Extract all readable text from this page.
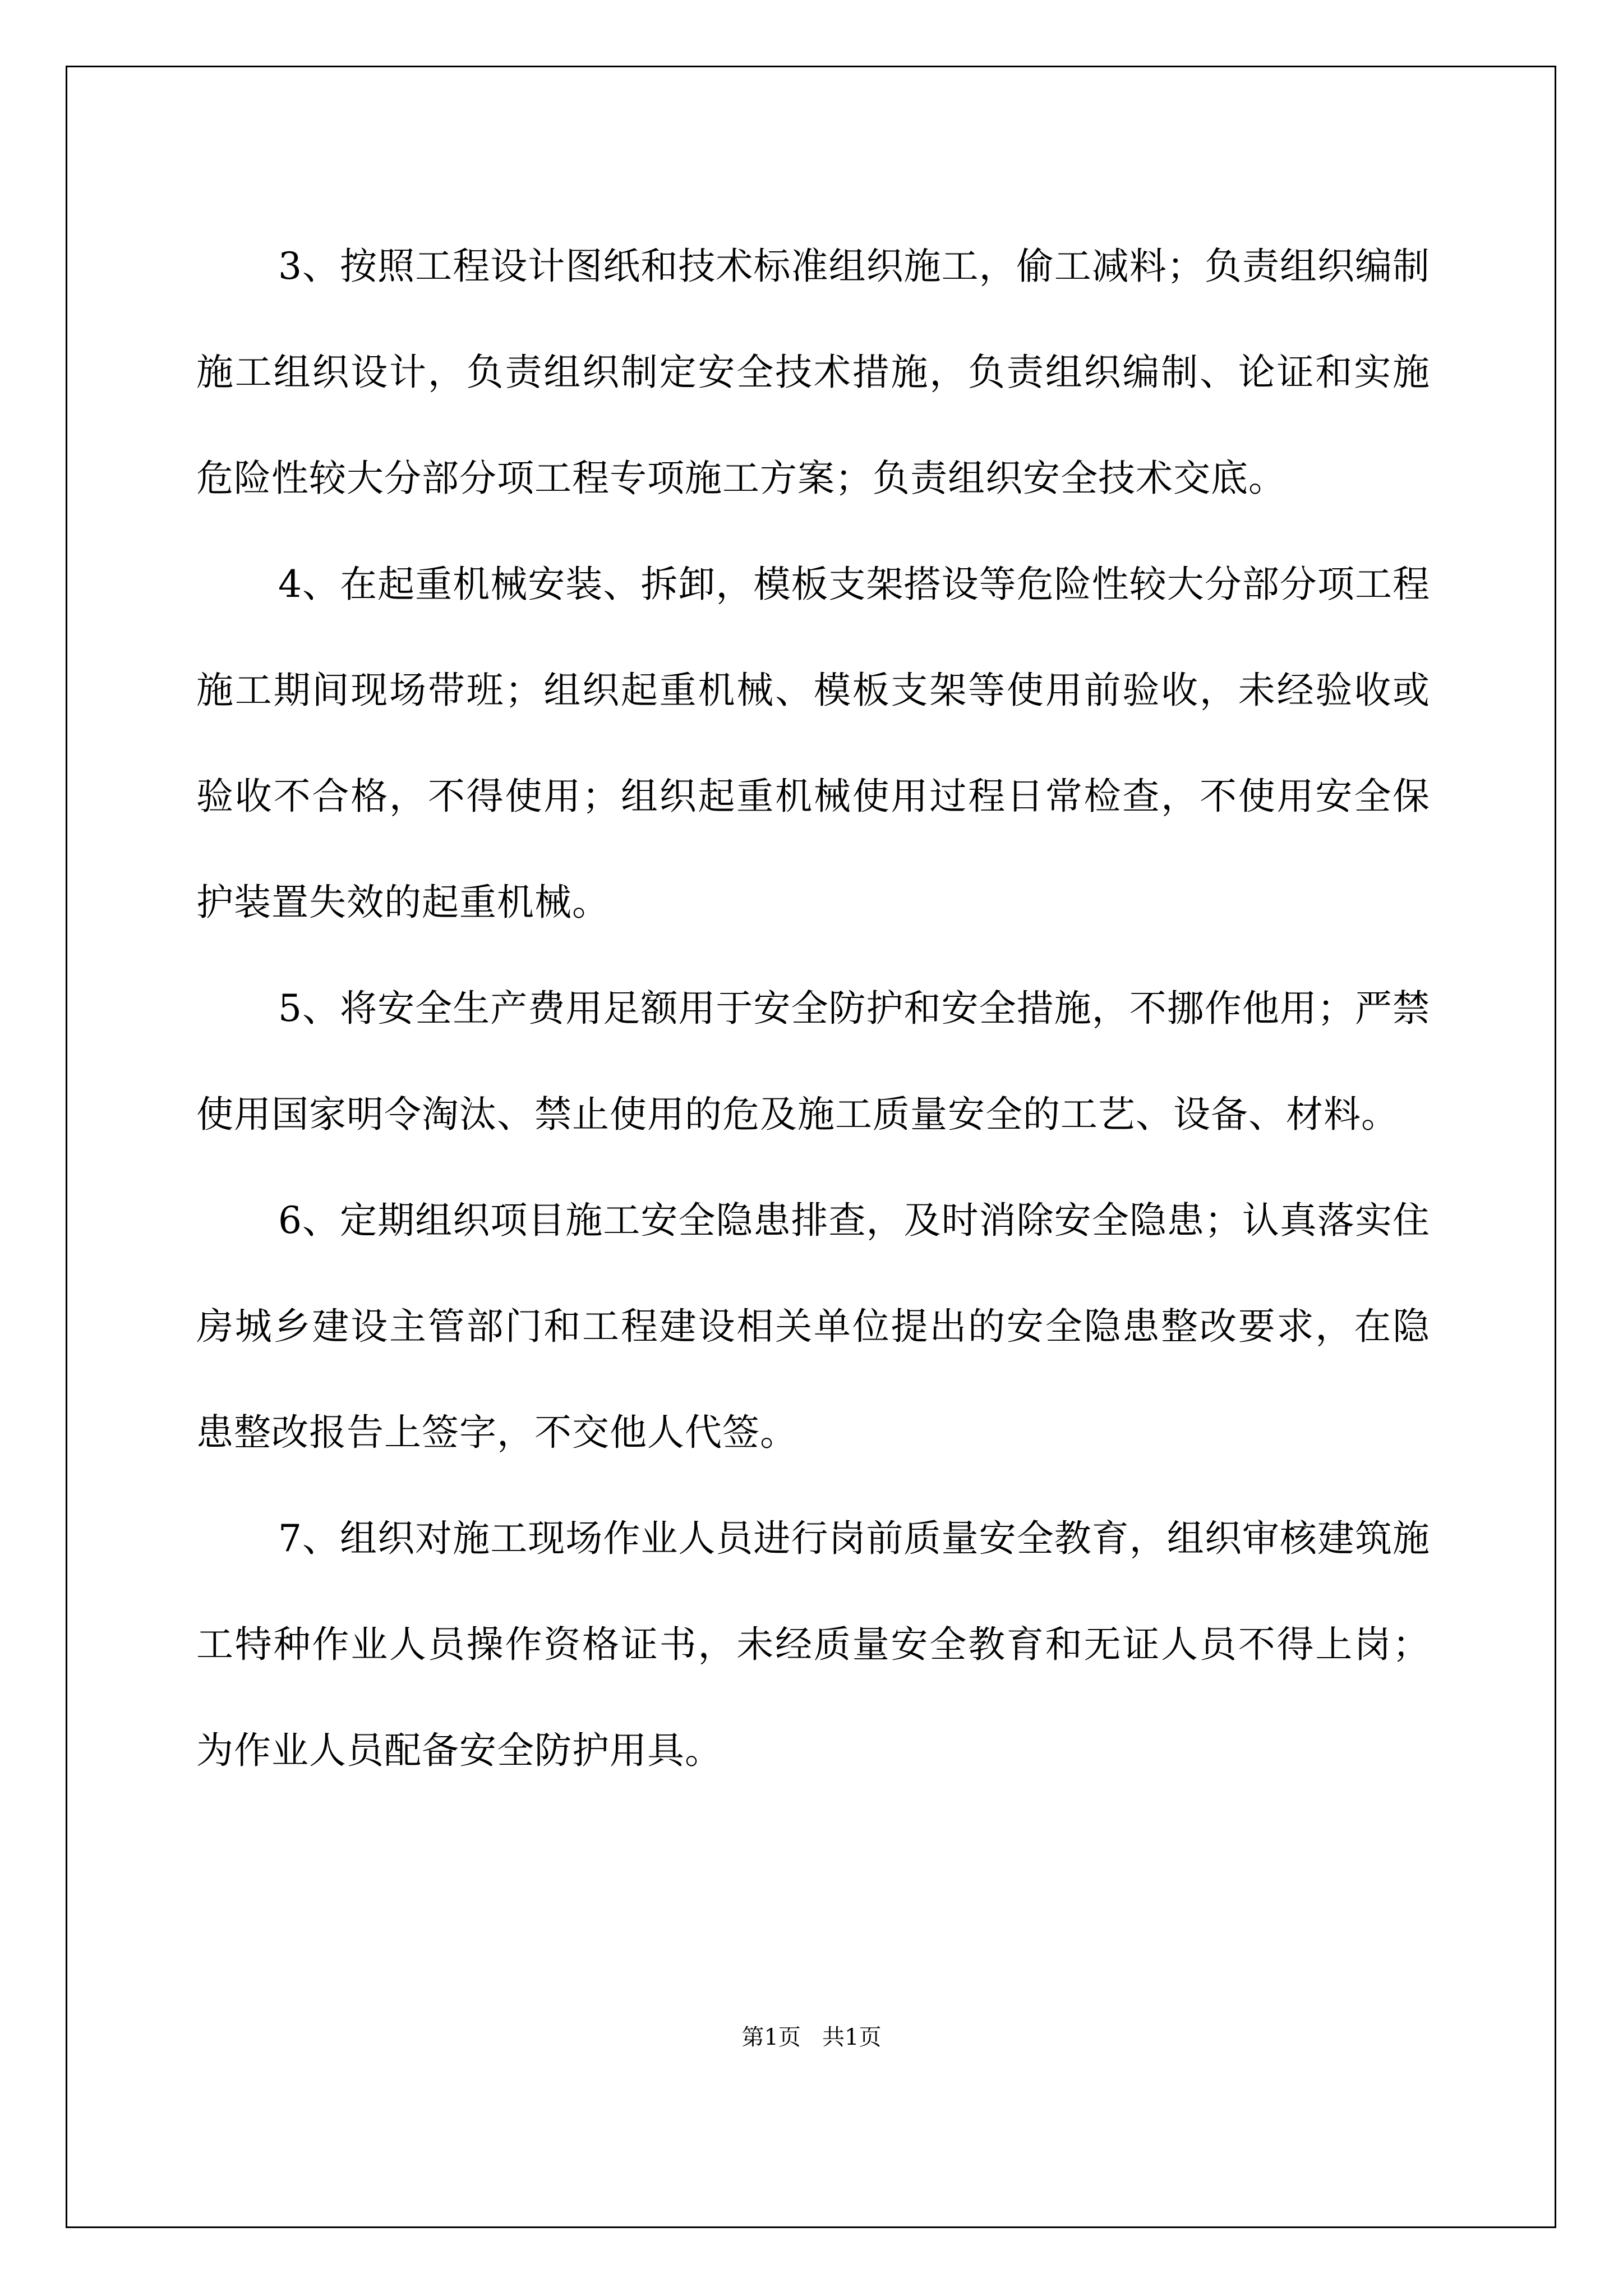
3、按照工程设计图纸和技术标准组织施工，偷工减料；负责组织编制施工组织设计，负责组织制定安全技术措施，负责组织编制、论证和实施危险性较大分部分项工程专项施工方案；负责组织安全技术交底。

4、在起重机械安装、拆卸，模板支架搭设等危险性较大分部分项工程施工期间现场带班；组织起重机械、模板支架等使用前验收，未经验收或验收不合格，不得使用；组织起重机械使用过程日常检查，不使用安全保护装置失效的起重机械。

5、将安全生产费用足额用于安全防护和安全措施，不挪作他用；严禁使用国家明令淘汰、禁止使用的危及施工质量安全的工艺、设备、材料。

6、定期组织项目施工安全隐患排查，及时消除安全隐患；认真落实住房城乡建设主管部门和工程建设相关单位提出的安全隐患整改要求，在隐患整改报告上签字，不交他人代签。

7、组织对施工现场作业人员进行岗前质量安全教育，组织审核建筑施工特种作业人员操作资格证书，未经质量安全教育和无证人员不得上岗；为作业人员配备安全防护用具。

第1页   共1页
